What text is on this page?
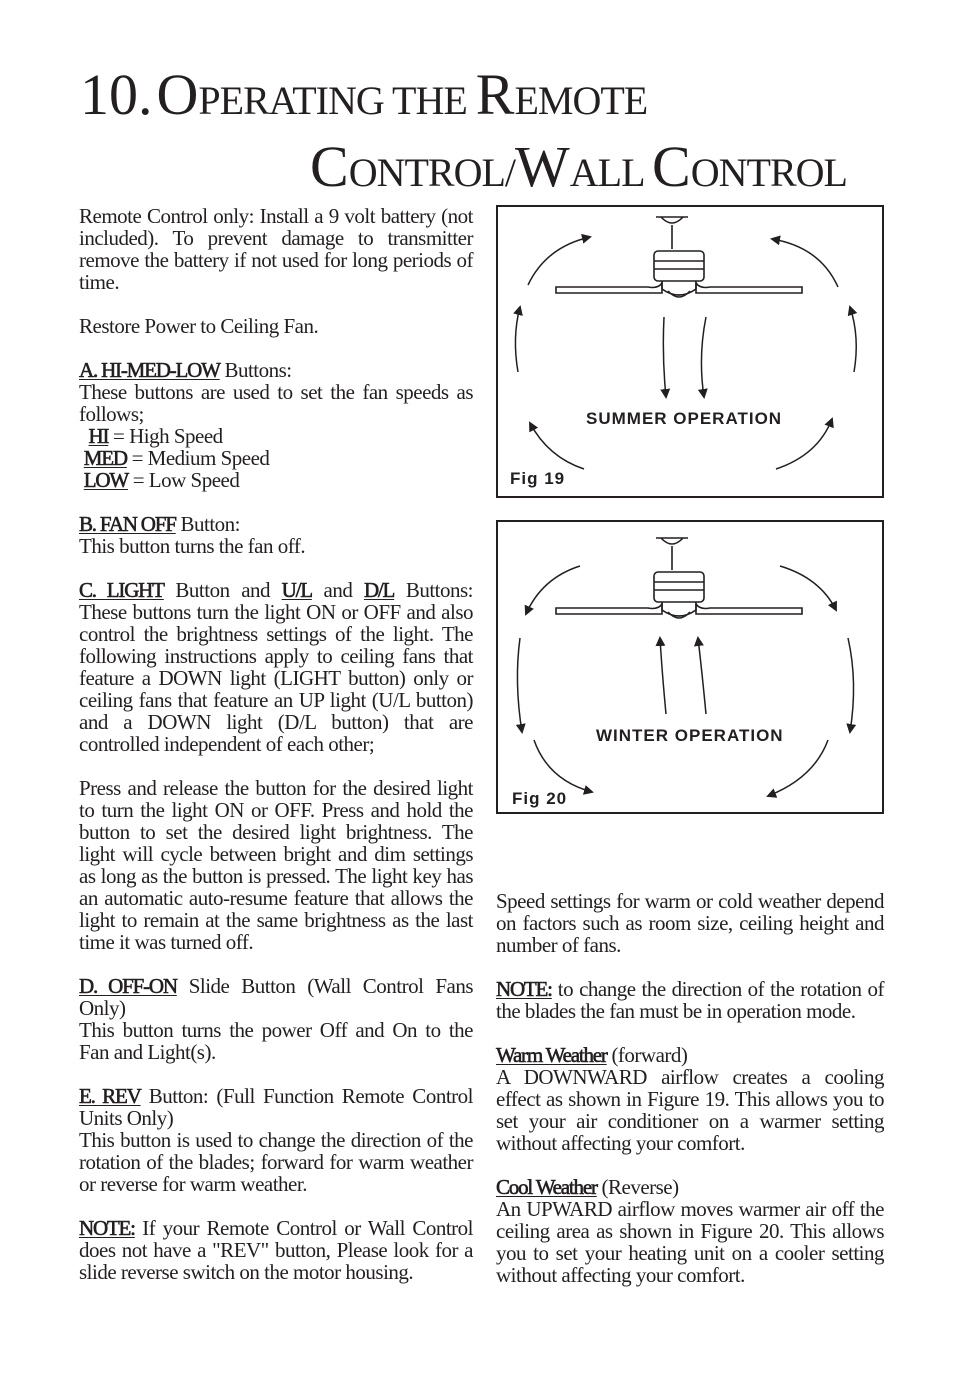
10. OPERATING THE REMOTE
CONTROL/WALL CONTROL

Remote Control only: Install a 9 volt battery (not included). To prevent damage to transmitter remove the battery if not used for long periods of time.

Restore Power to Ceiling Fan.

A. HI-MED-LOW Buttons:

These buttons are used to set the fan speeds as follows;
HI = High Speed
MED = Medium Speed
LOW = Low Speed

B. FAN OFF Button:
This button turns the fan off.

C. LIGHT Button and U/L and D/L Buttons: These buttons turn the light ON or OFF and also control the brightness settings of the light. The following instructions apply to ceiling fans that feature a DOWN light (LIGHT button) only or ceiling fans that feature an UP light (U/L button) and a DOWN light (D/L button) that are controlled independent of each other;

Press and release the button for the desired light to turn the light ON or OFF. Press and hold the button to set the desired light brightness. The light will cycle between bright and dim settings as long as the button is pressed. The light key has an automatic auto-resume feature that allows the light to remain at the same brightness as the last time it was turned off.

D. OFF-ON Slide Button (Wall Control Fans Only)
This button turns the power Off and On to the Fan and Light(s).

E. REV Button: (Full Function Remote Control Units Only)
This button is used to change the direction of the rotation of the blades; forward for warm weather or reverse for warm weather.

NOTE: If your Remote Control or Wall Control does not have a "REV" button, Please look for a slide reverse switch on the motor housing.

SUMMER OPERATION
Fig 19
WINTER OPERATION
Fig 20

Speed settings for warm or cold weather depend on factors such as room size, ceiling height and number of fans.

NOTE: to change the direction of the rotation of the blades the fan must be in operation mode.

Warm Weather (forward)
A DOWNWARD airflow creates a cooling effect as shown in Figure 19. This allows you to set your air conditioner on a warmer setting without affecting your comfort.

Cool Weather (Reverse)
An UPWARD airflow moves warmer air off the ceiling area as shown in Figure 20. This allows you to set your heating unit on a cooler setting without affecting your comfort.
